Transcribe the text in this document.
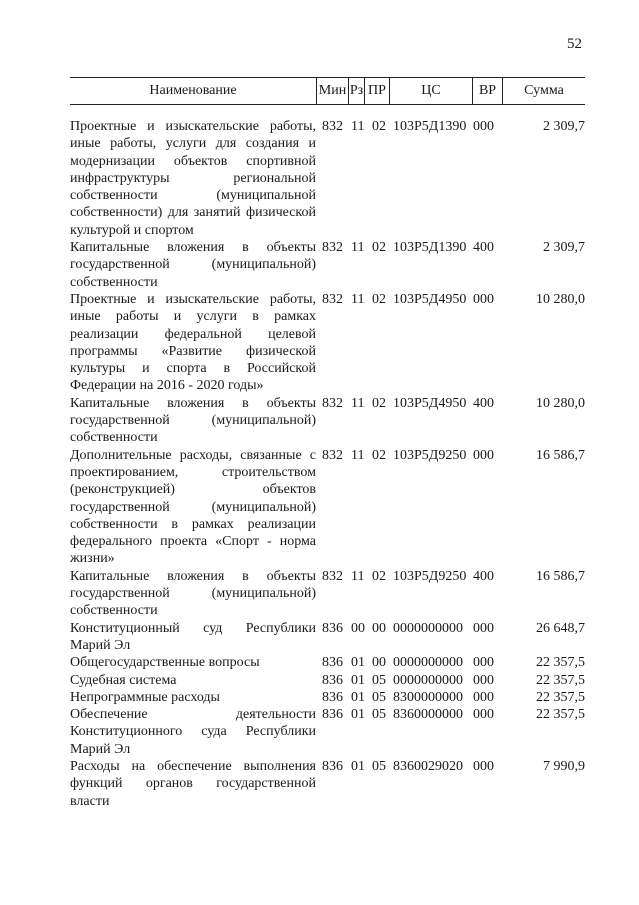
52
Наименование	Мин Рз ПР	ЦС	ВР	Сумма
Проектные и изыскательские работы, иные работы, услуги для создания и модернизации объектов спортивной инфраструктуры региональной собственности (муниципальной собственности) для занятий физической культурой и спортом
832 11 02 103Р5Д1390 000	2 309,7
Капитальные вложения в объекты государственной (муниципальной) собственности
832 11 02 103Р5Д1390 400	2 309,7
Проектные и изыскательские работы, иные работы и услуги в рамках реализации федеральной целевой программы «Развитие физической культуры и спорта в Российской Федерации на 2016 - 2020 годы»
832 11 02 103Р5Д4950 000	10 280,0
Капитальные вложения в объекты государственной (муниципальной) собственности
832 11 02 103Р5Д4950 400	10 280,0
Дополнительные расходы, связанные с проектированием, строительством (реконструкцией) объектов государственной (муниципальной) собственности в рамках реализации федерального проекта «Спорт - норма жизни»
832 11 02 103Р5Д9250 000	16 586,7
Капитальные вложения в объекты государственной (муниципальной) собственности
832 11 02 103Р5Д9250 400	16 586,7
Конституционный суд Республики Марий Эл
836 00 00 0000000000 000	26 648,7
Общегосударственные вопросы	836 01 00 0000000000 000	22 357,5
Судебная система	836 01 05 0000000000 000	22 357,5
Непрограммные расходы	836 01 05 8300000000 000	22 357,5
Обеспечение деятельности Конституционного суда Республики Марий Эл
836 01 05 8360000000 000	22 357,5
Расходы на обеспечение выполнения функций органов государственной власти
836 01 05 8360029020 000	7 990,9
